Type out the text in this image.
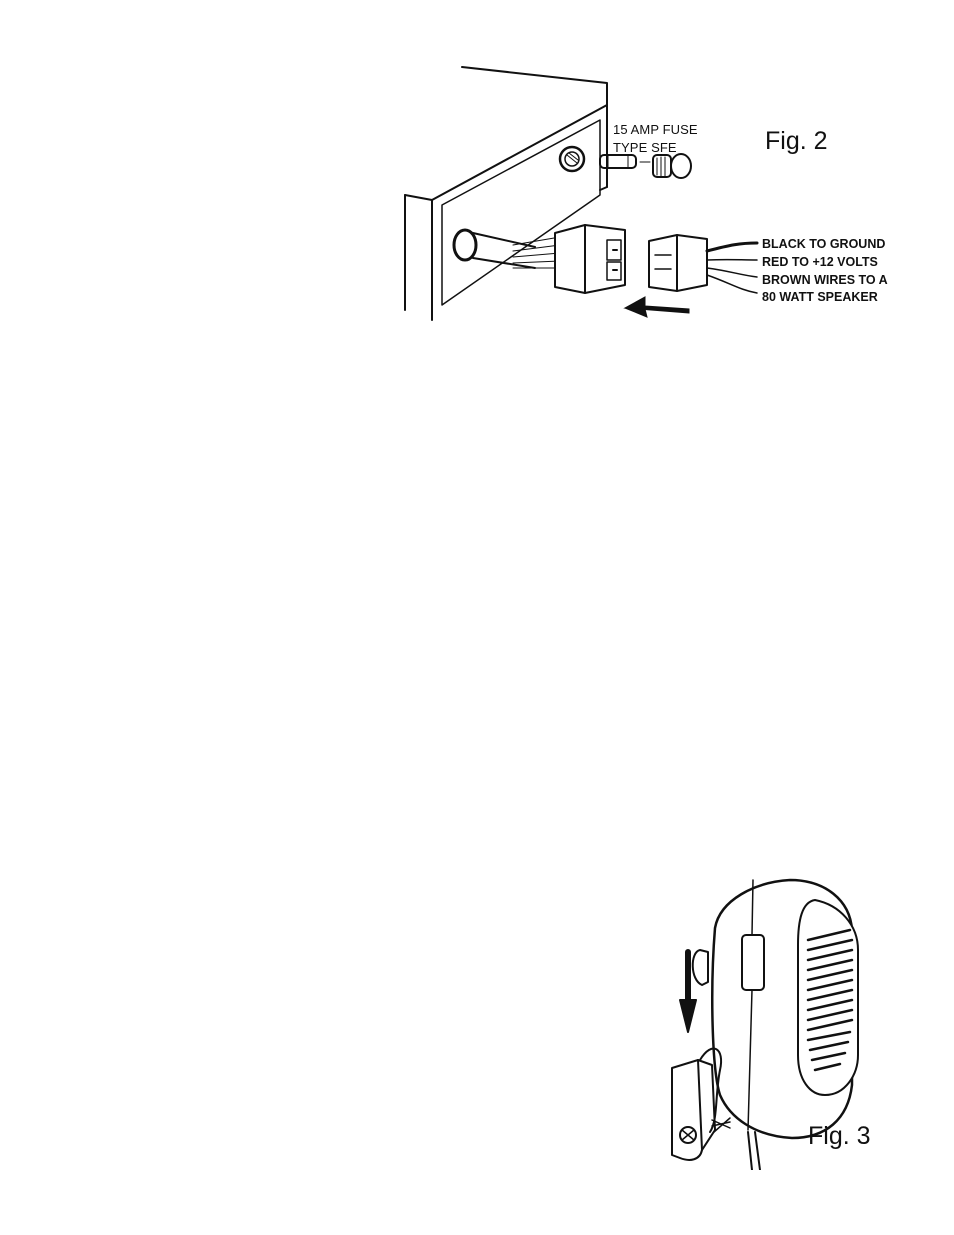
15 AMP FUSE
TYPE SFE	Fig. 2
BLACK TO GROUND
RED TO +12 VOLTS
BROWN WIRES TO A
80 WATT SPEAKER
Fig. 3
